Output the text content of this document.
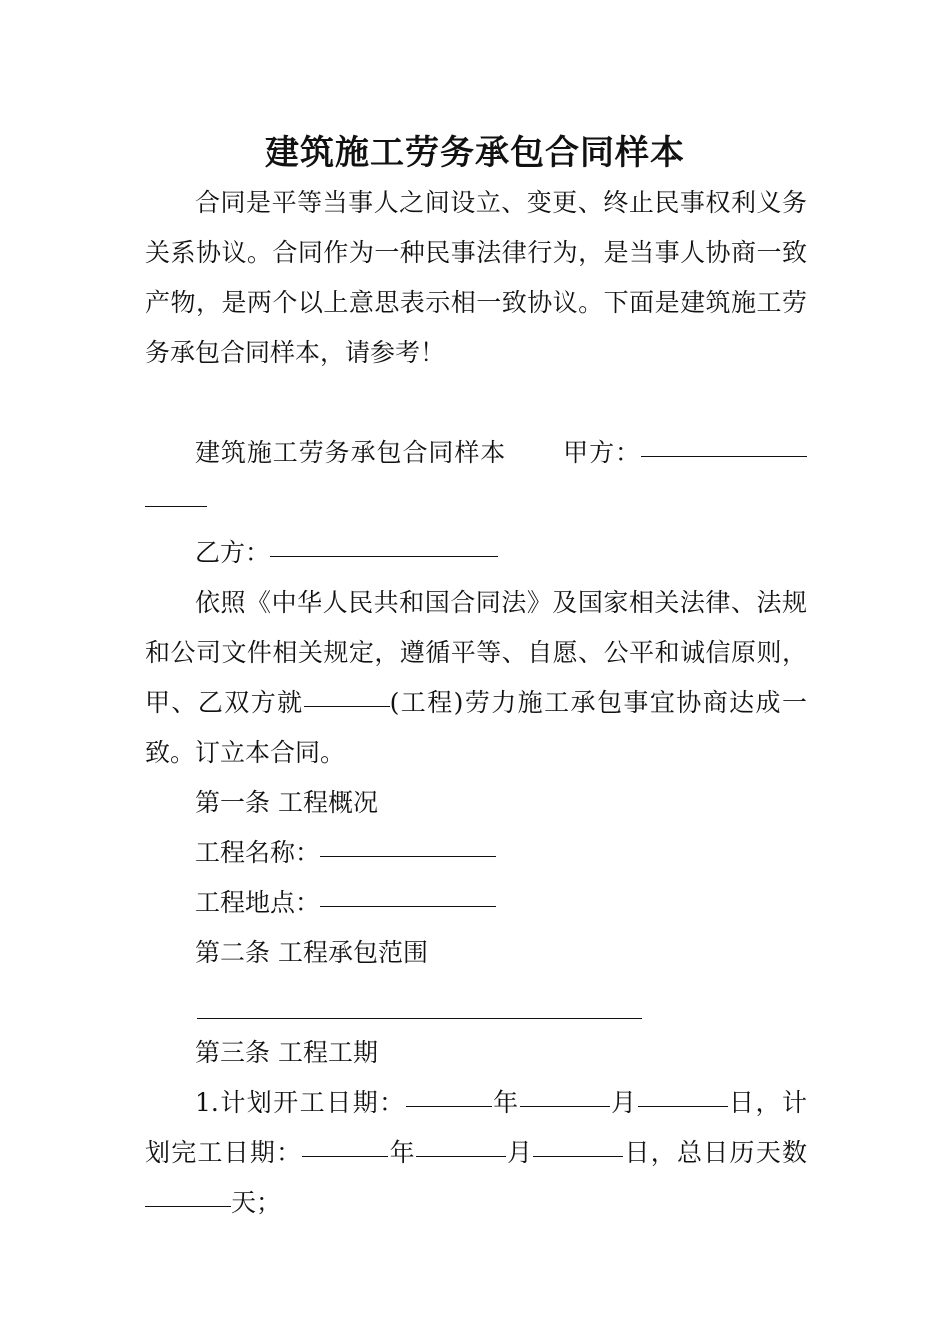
建筑施工劳务承包合同样本

合同是平等当事人之间设立、变更、终止民事权利义务关系协议。合同作为一种民事法律行为，是当事人协商一致产物，是两个以上意思表示相一致协议。下面是建筑施工劳务承包合同样本，请参考！

建筑施工劳务承包合同样本 甲方：

乙方：

依照《中华人民共和国合同法》及国家相关法律、法规和公司文件相关规定，遵循平等、自愿、公平和诚信原则，甲、乙双方就	(工程)劳力施工承包事宜协商达成一致。订立本合同。

第一条 工程概况

工程名称：

工程地点：

第二条 工程承包范围

第三条 工程工期

1.计划开工日期：	年	月	日，计划完工日期：	年	月	日，总日历天数天；
